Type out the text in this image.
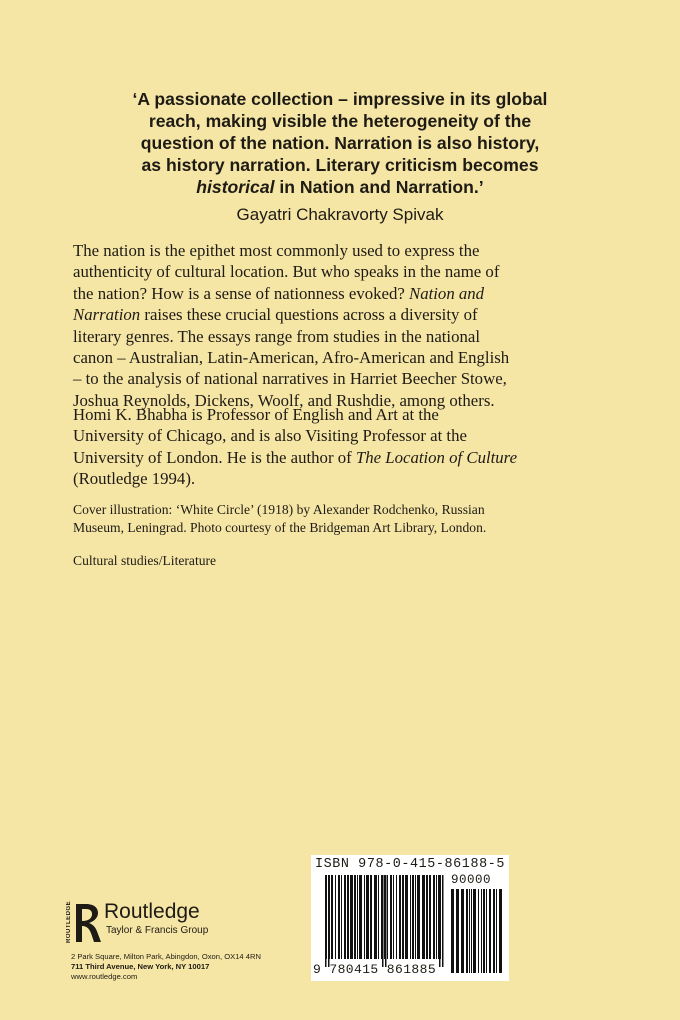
‘A passionate collection – impressive in its global
reach, making visible the heterogeneity of the
question of the nation. Narration is also history,
as history narration. Literary criticism becomes
historical in Nation and Narration.’
Gayatri Chakravorty Spivak

The nation is the epithet most commonly used to express the
authenticity of cultural location. But who speaks in the name of
the nation? How is a sense of nationness evoked? Nation and
Narration raises these crucial questions across a diversity of
literary genres. The essays range from studies in the national
canon – Australian, Latin-American, Afro-American and English
– to the analysis of national narratives in Harriet Beecher Stowe,
Joshua Reynolds, Dickens, Woolf, and Rushdie, among others.

Homi K. Bhabha is Professor of English and Art at the
University of Chicago, and is also Visiting Professor at the
University of London. He is the author of The Location of Culture
(Routledge 1994).

Cover illustration: ‘White Circle’ (1918) by Alexander Rodchenko, Russian
Museum, Leningrad. Photo courtesy of the Bridgeman Art Library, London.
Cultural studies/Literature
ROUTLEDGE Routledge
Taylor & Francis Group
2 Park Square, Milton Park, Abingdon, Oxon, OX14 4RN
711 Third Avenue, New York, NY 10017
www.routledge.com
ISBN 978-0-415-86188-5
90000
9 780415 861885
